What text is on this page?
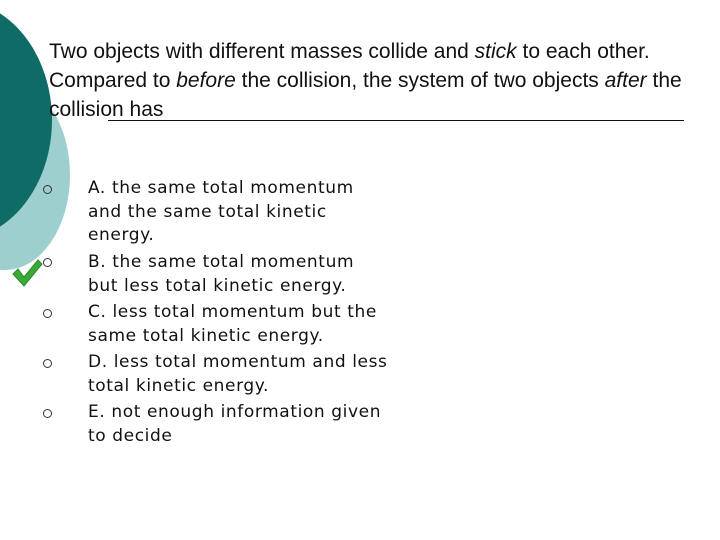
Two objects with different masses collide and stick to each other. Compared to before the collision, the system of two objects after the collision has

A. the same total momentum and the same total kinetic energy.
B. the same total momentum but less total kinetic energy.
C. less total momentum but the same total kinetic energy.
D. less total momentum and less total kinetic energy.
E. not enough information given to decide
